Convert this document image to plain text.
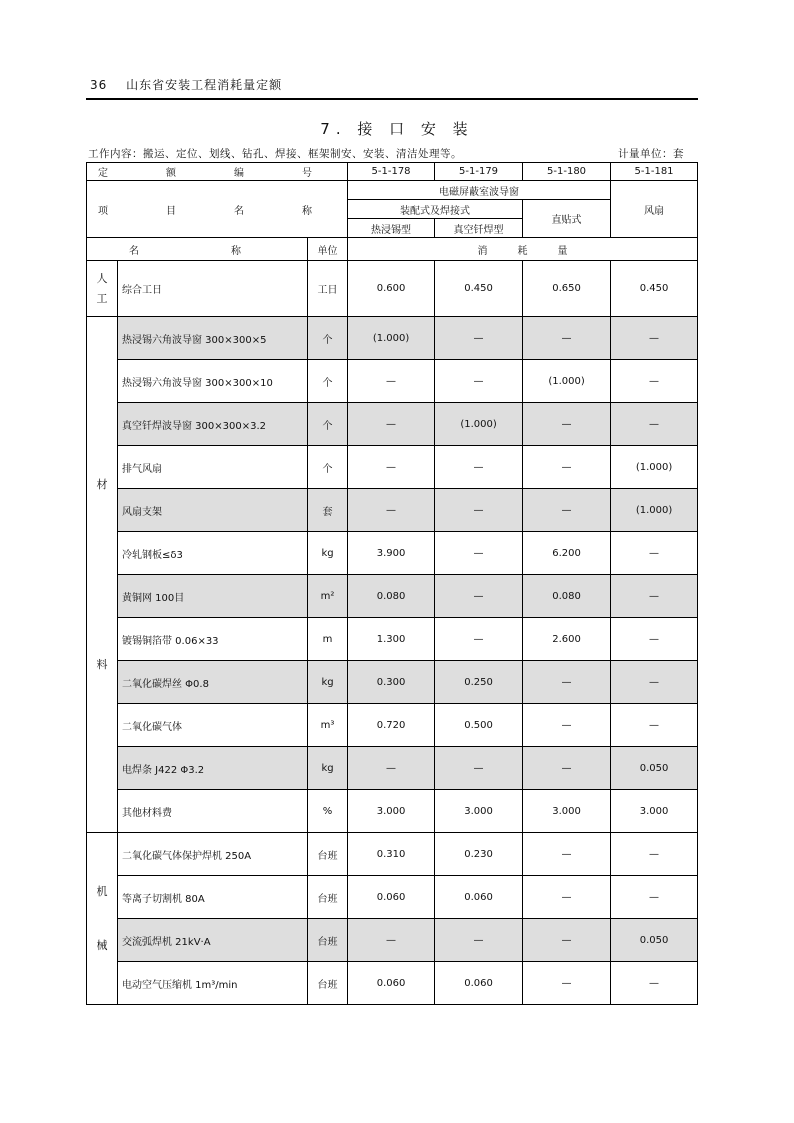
36 山东省安装工程消耗量定额
7. 接 口 安 装
工作内容：搬运、定位、划线、钻孔、焊接、框架制安、安装、清洁处理等。	计量单位：套
定　额　编　号			5-1-178	5-1-179	5-1-180	5-1-181
项　目　名　称			电磁屏蔽室波导窗			风扇
			装配式及焊接式		直贴式	
			热浸锡型	真空钎焊型		
名　　称		单位	消　　　耗　　　量			

人
工	综合工日	工日	0.600	0.450	0.650	0.450

材
料	热浸锡六角波导窗 300×300×5	个	(1.000)	—	—	—
	热浸锡六角波导窗 300×300×10	个	—	—	(1.000)	—
	真空钎焊波导窗 300×300×3.2	个	—	(1.000)	—	—
	排气风扇	个	—	—	—	(1.000)
	风扇支架	套	—	—	—	(1.000)
	冷轧钢板≤δ3	kg	3.900	—	6.200	—
	黄铜网 100目	m²	0.080	—	0.080	—
	镀锡铜箔带 0.06×33	m	1.300	—	2.600	—
	二氧化碳焊丝 Φ0.8	kg	0.300	0.250	—	—
	二氧化碳气体	m³	0.720	0.500	—	—
	电焊条 J422 Φ3.2	kg	—	—	—	0.050
	其他材料费	%	3.000	3.000	3.000	3.000

机
械	二氧化碳气体保护焊机 250A	台班	0.310	0.230	—	—
	等离子切割机 80A	台班	0.060	0.060	—	—
	交流弧焊机 21kV·A	台班	—	—	—	0.050
	电动空气压缩机 1m³/min	台班	0.060	0.060	—	—
